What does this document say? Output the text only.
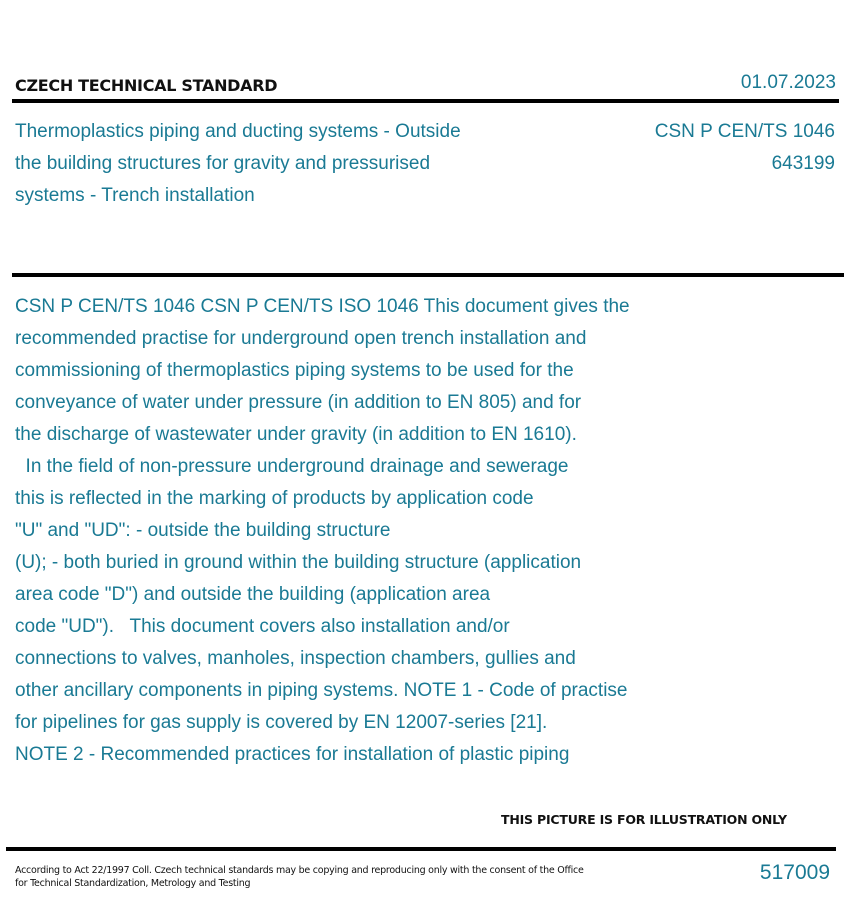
CZECH TECHNICAL STANDARD	01.07.2023
Thermoplastics piping and ducting systems - Outside
the building structures for gravity and pressurised
systems - Trench installation
CSN P CEN/TS 1046
643199
CSN P CEN/TS 1046 CSN P CEN/TS ISO 1046 This document gives the
recommended practise for underground open trench installation and
commissioning of thermoplastics piping systems to be used for the
conveyance of water under pressure (in addition to EN 805) and for
the discharge of wastewater under gravity (in addition to EN 1610).
In the field of non-pressure underground drainage and sewerage
this is reflected in the marking of products by application code
"U" and "UD": - outside the building structure
(U); - both buried in ground within the building structure (application
area code "D") and outside the building (application area
code "UD").   This document covers also installation and/or
connections to valves, manholes, inspection chambers, gullies and
other ancillary components in piping systems. NOTE 1 - Code of practise
for pipelines for gas supply is covered by EN 12007-series [21].
NOTE 2 - Recommended practices for installation of plastic piping
THIS PICTURE IS FOR ILLUSTRATION ONLY
According to Act 22/1997 Coll. Czech technical standards may be copying and reproducing only with the consent of the Office
for Technical Standardization, Metrology and Testing	517009
